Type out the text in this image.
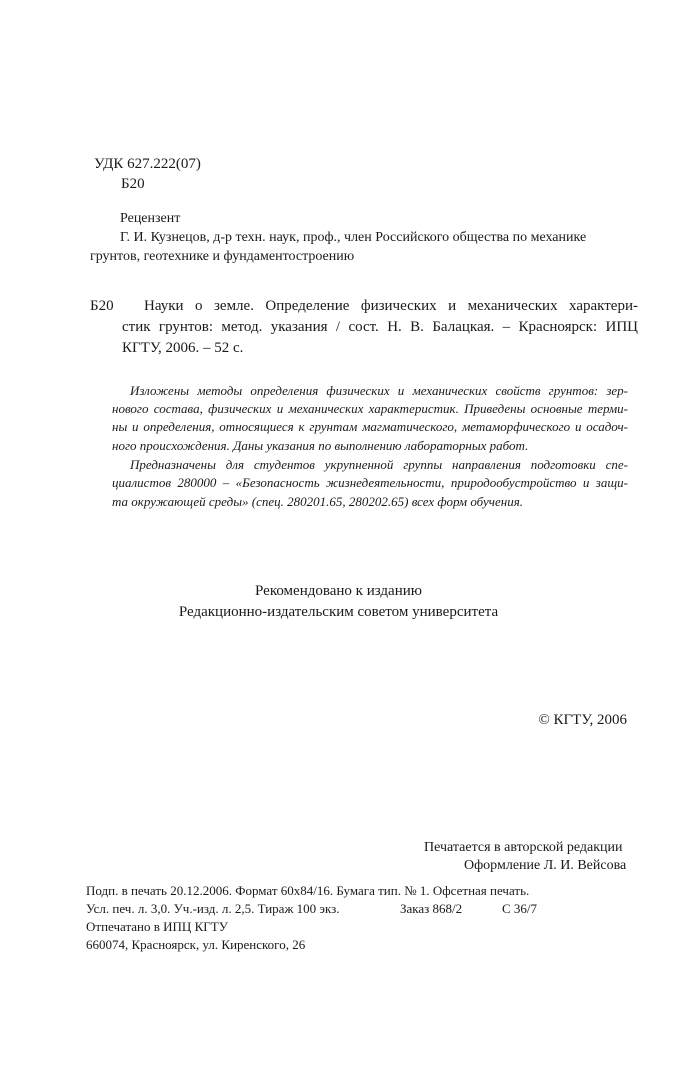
УДК 627.222(07)
Б20
Рецензент
Г. И. Кузнецов, д-р техн. наук, проф., член Российского общества по механике
грунтов, геотехнике и фундаментостроению
Б20 Науки о земле. Определение физических и механических характери-
стик грунтов: метод. указания / сост. Н. В. Балацкая. – Красноярск: ИПЦ
КГТУ, 2006. – 52 с.
Изложены методы определения физических и механических свойств грунтов: зер-
нового состава, физических и механических характеристик. Приведены основные терми-
ны и определения, относящиеся к грунтам магматического, метаморфического и осадоч-
ного происхождения. Даны указания по выполнению лабораторных работ.
Предназначены для студентов укрупненной группы направления подготовки спе-
циалистов 280000 – «Безопасность жизнедеятельности, природообустройство и защи-
та окружающей среды» (спец. 280201.65, 280202.65) всех форм обучения.
Рекомендовано к изданию
Редакционно-издательским советом университета
© КГТУ, 2006
Печатается в авторской редакции
Оформление Л. И. Вейсова
Подп. в печать 20.12.2006. Формат 60х84/16. Бумага тип. № 1. Офсетная печать.
Усл. печ. л. 3,0. Уч.-изд. л. 2,5. Тираж 100 экз.	Заказ 868/2	С 36/7
Отпечатано в ИПЦ КГТУ
660074, Красноярск, ул. Киренского, 26
